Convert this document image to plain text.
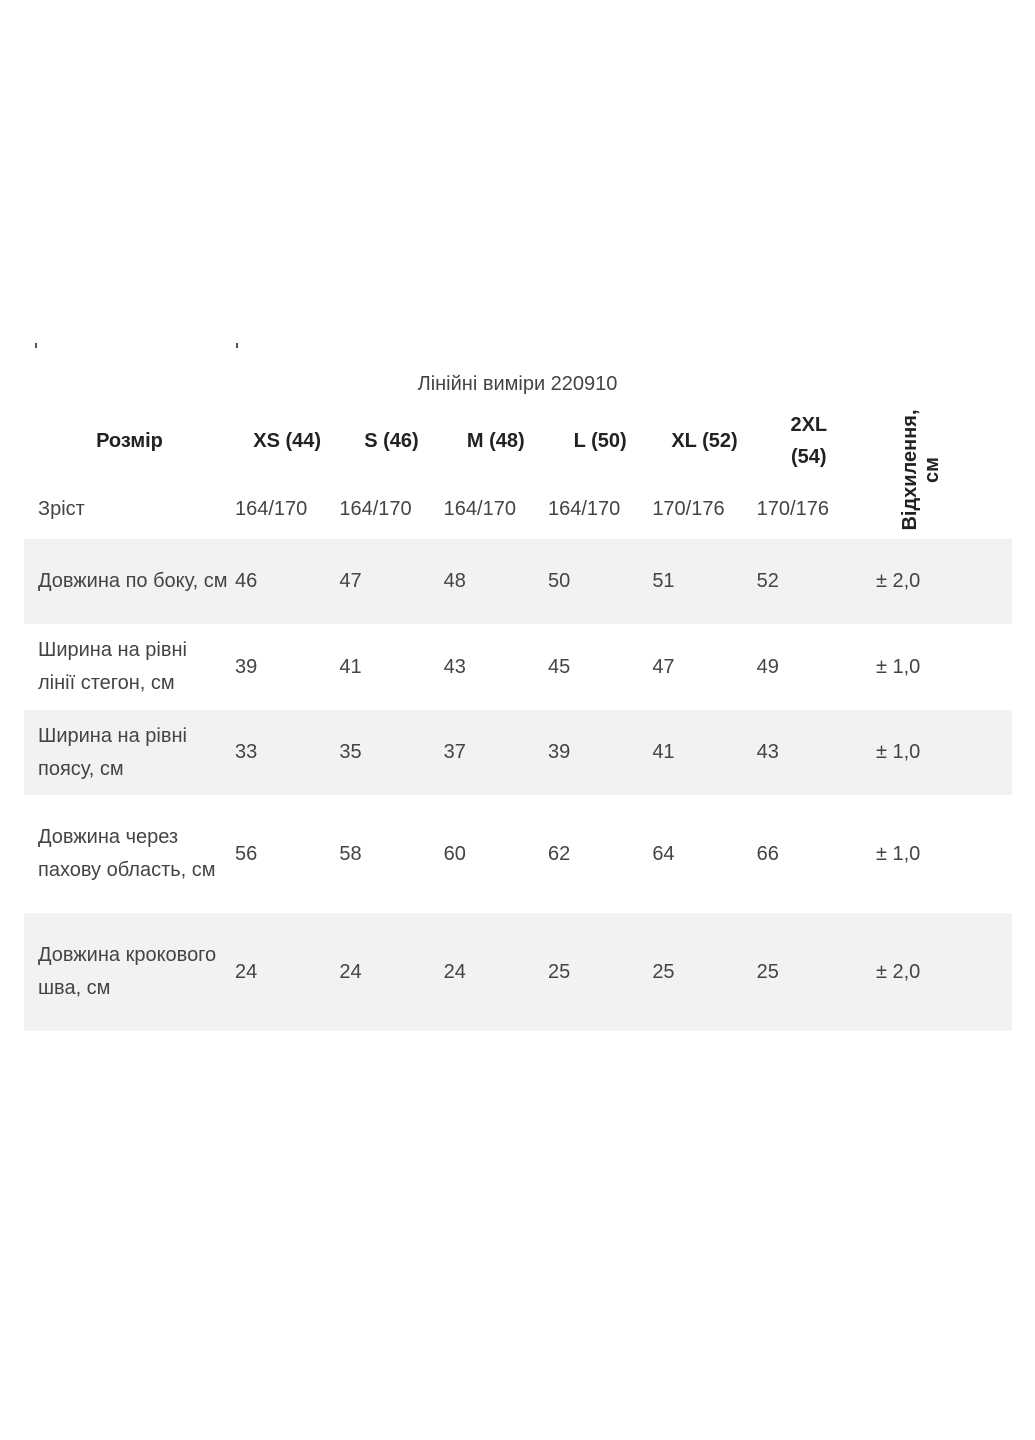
Лінійні виміри 220910
Розмір	XS (44)	S (46)	M (48)	L (50)	XL (52)	2XL (54)	Відхилення, см

Зріст	164/170	164/170	164/170	164/170	170/176	170/176	
Довжина по боку, см	46	47	48	50	51	52	± 2,0
Ширина на рівні лінії стегон, см	39	41	43	45	47	49	± 1,0
Ширина на рівні поясу, см	33	35	37	39	41	43	± 1,0
Довжина через пахову область, см	56	58	60	62	64	66	± 1,0
Довжина крокового шва, см	24	24	24	25	25	25	± 2,0
